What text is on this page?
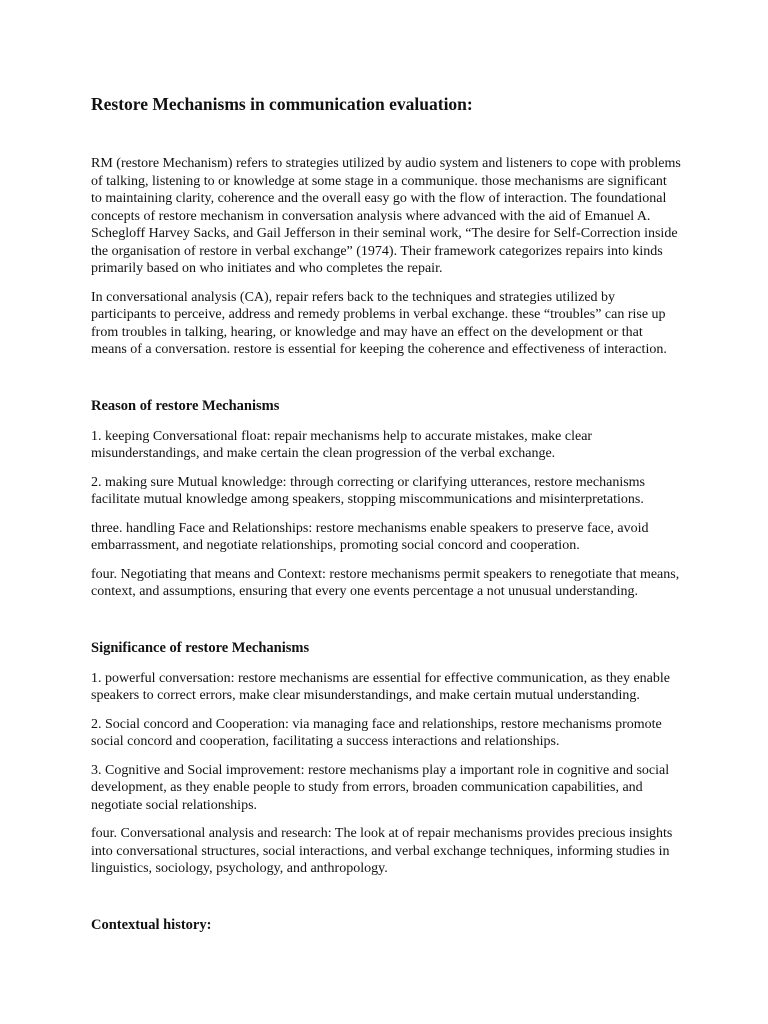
Restore Mechanisms in communication evaluation:

RM (restore Mechanism) refers to strategies utilized by audio system and listeners to cope with problems of talking, listening to or knowledge at some stage in a communique. those mechanisms are significant to maintaining clarity, coherence and the overall easy go with the flow of interaction. The foundational concepts of restore mechanism in conversation analysis where advanced with the aid of Emanuel A. Schegloff Harvey Sacks, and Gail Jefferson in their seminal work, “The desire for Self-Correction inside the organisation of restore in verbal exchange” (1974). Their framework categorizes repairs into kinds primarily based on who initiates and who completes the repair.

In conversational analysis (CA), repair refers back to the techniques and strategies utilized by participants to perceive, address and remedy problems in verbal exchange. these “troubles” can rise up from troubles in talking, hearing, or knowledge and may have an effect on the development or that means of a conversation. restore is essential for keeping the coherence and effectiveness of interaction.

Reason of restore Mechanisms

1. keeping Conversational float: repair mechanisms help to accurate mistakes, make clear misunderstandings, and make certain the clean progression of the verbal exchange.

2. making sure Mutual knowledge: through correcting or clarifying utterances, restore mechanisms facilitate mutual knowledge among speakers, stopping miscommunications and misinterpretations.

three. handling Face and Relationships: restore mechanisms enable speakers to preserve face, avoid embarrassment, and negotiate relationships, promoting social concord and cooperation.

four. Negotiating that means and Context: restore mechanisms permit speakers to renegotiate that means, context, and assumptions, ensuring that every one events percentage a not unusual understanding.

Significance of restore Mechanisms

1. powerful conversation: restore mechanisms are essential for effective communication, as they enable speakers to correct errors, make clear misunderstandings, and make certain mutual understanding.

2. Social concord and Cooperation: via managing face and relationships, restore mechanisms promote social concord and cooperation, facilitating a success interactions and relationships.

3. Cognitive and Social improvement: restore mechanisms play a important role in cognitive and social development, as they enable people to study from errors, broaden communication capabilities, and negotiate social relationships.

four. Conversational analysis and research: The look at of repair mechanisms provides precious insights into conversational structures, social interactions, and verbal exchange techniques, informing studies in linguistics, sociology, psychology, and anthropology.

Contextual history:
